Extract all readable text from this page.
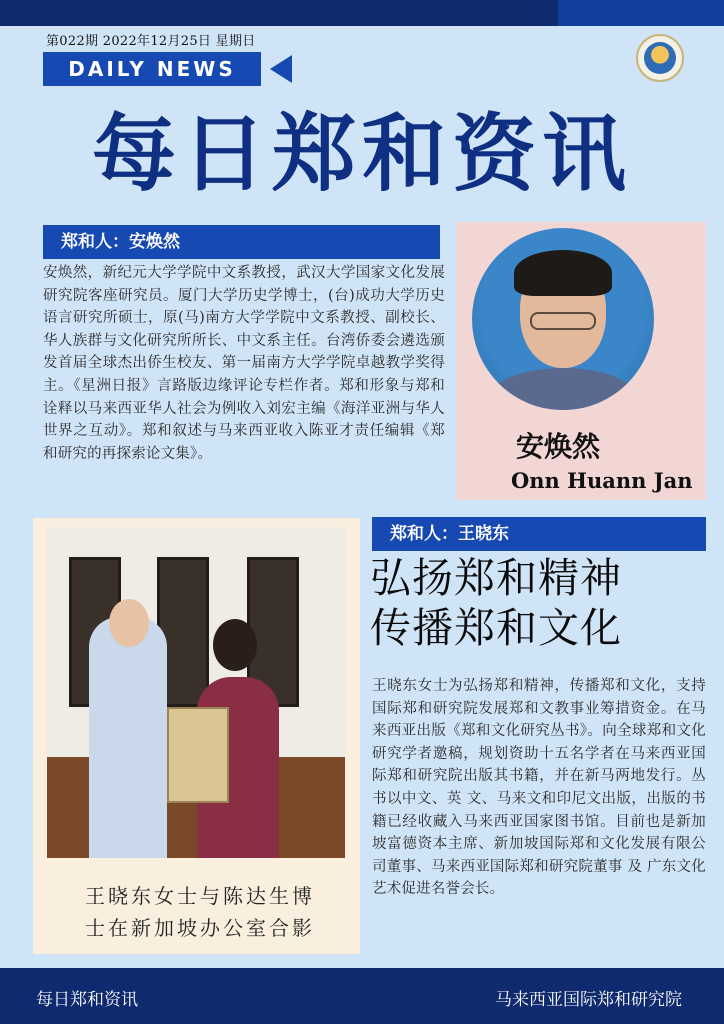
第022期 2022年12月25日 星期日
DAILY NEWS
每日郑和资讯
郑和人：安焕然
安焕然，新纪元大学学院中文系教授，武汉大学国家文化发展研究院客座研究员。厦门大学历史学博士，(台)成功大学历史语言研究所硕士，原(马)南方大学学院中文系教授、副校长、华人族群与文化研究所所长、中文系主任。台湾侨委会遴选颁发首届全球杰出侨生校友、第一届南方大学学院卓越教学奖得主。《星洲日报》言路版边缘评论专栏作者。郑和形象与郑和诠释以马来西亚华人社会为例收入刘宏主编《海洋亚洲与华人世界之互动》。郑和叙述与马来西亚收入陈亚才责任编辑《郑和研究的再探索论文集》。	安焕然
Onn Huann Jan
王晓东女士与陈达生博
士在新加坡办公室合影
郑和人：王晓东
弘扬郑和精神
传播郑和文化
王晓东女士为弘扬郑和精神，传播郑和文化，支持国际郑和研究院发展郑和文教事业筹措资金。在马来西亚出版《郑和文化研究丛书》。向全球郑和文化研究学者邀稿，规划资助十五名学者在马来西亚国际郑和研究院出版其书籍，并在新马两地发行。丛书以中文、英 文、马来文和印尼文出版，出版的书籍已经收藏入马来西亚国家图书馆。目前也是新加坡富德资本主席、新加坡国际郑和文化发展有限公司董事、马来西亚国际郑和研究院董事 及 广东文化艺术促进名誉会长。
每日郑和资讯	马来西亚国际郑和研究院
